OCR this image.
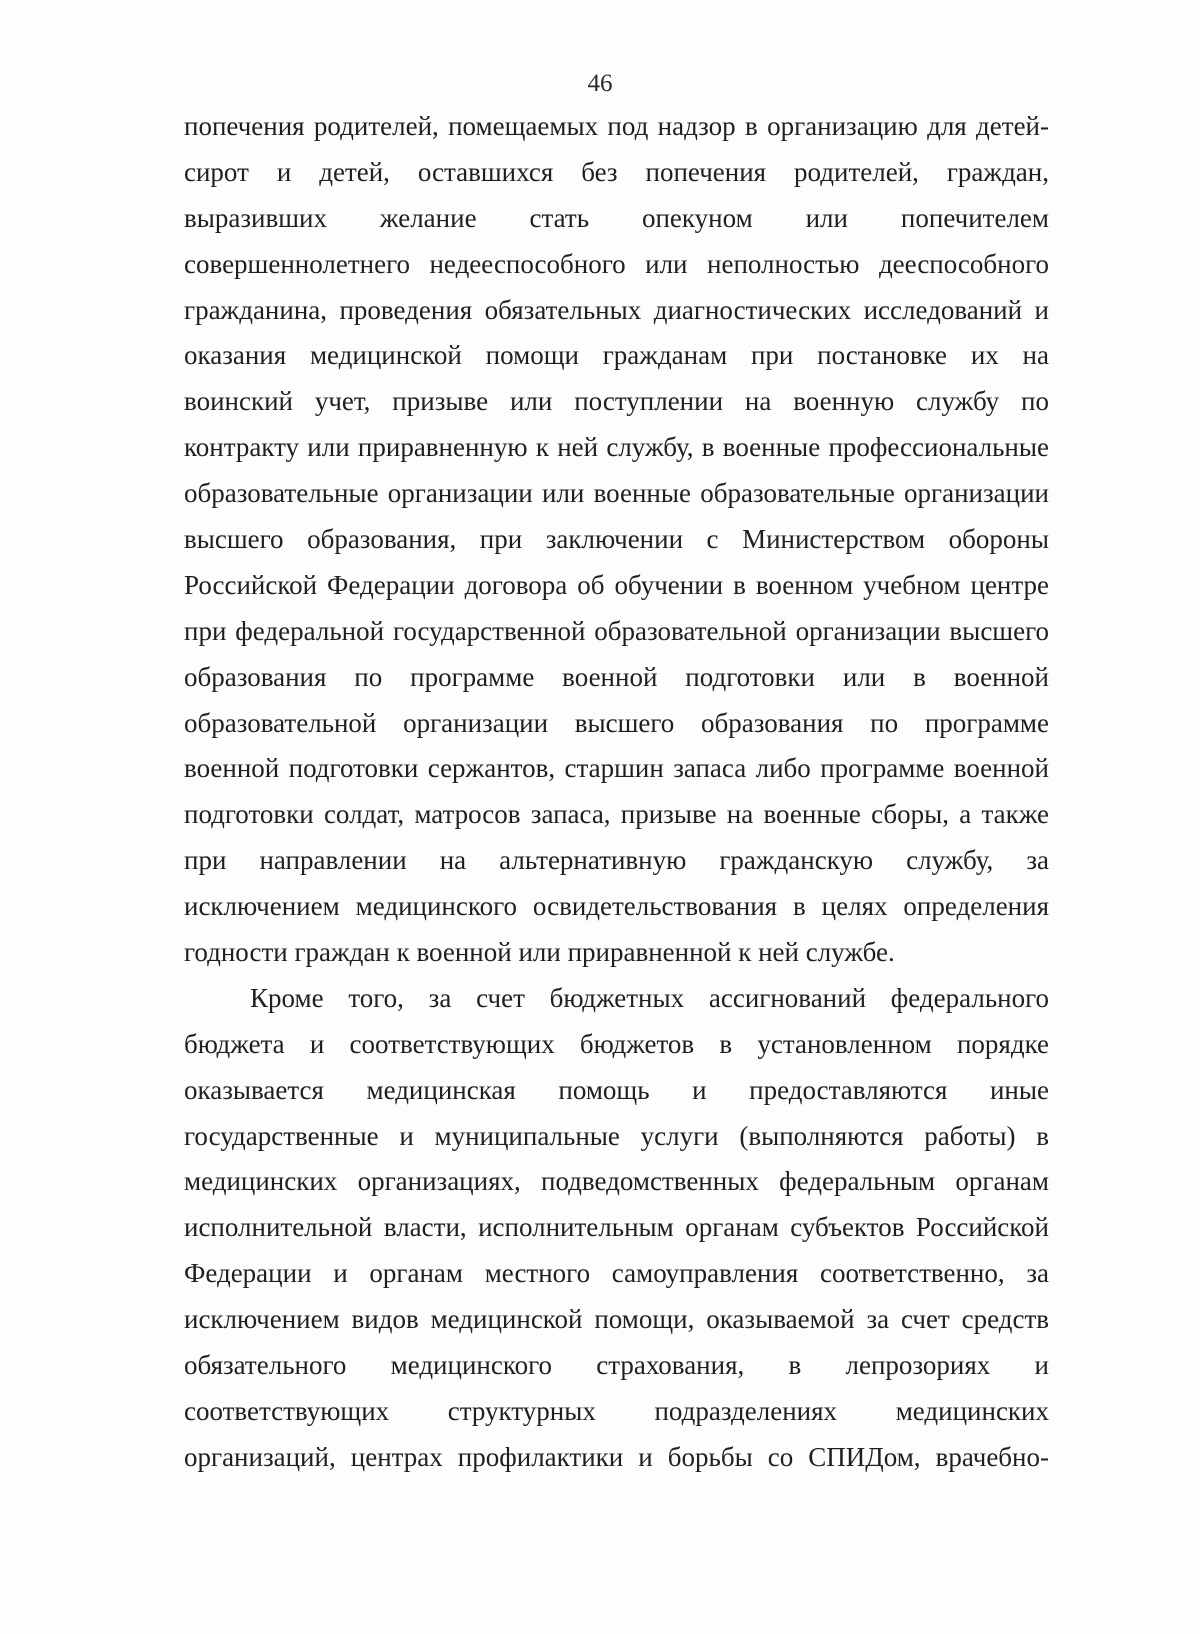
46
попечения родителей, помещаемых под надзор в организацию для детей-
сирот и детей, оставшихся без попечения родителей, граждан,
выразивших желание стать опекуном или попечителем
совершеннолетнего недееспособного или неполностью дееспособного
гражданина, проведения обязательных диагностических исследований и
оказания медицинской помощи гражданам при постановке их на
воинский учет, призыве или поступлении на военную службу по
контракту или приравненную к ней службу, в военные профессиональные
образовательные организации или военные образовательные организации
высшего образования, при заключении с Министерством обороны
Российской Федерации договора об обучении в военном учебном центре
при федеральной государственной образовательной организации высшего
образования по программе военной подготовки или в военной
образовательной организации высшего образования по программе
военной подготовки сержантов, старшин запаса либо программе военной
подготовки солдат, матросов запаса, призыве на военные сборы, а также
при направлении на альтернативную гражданскую службу, за
исключением медицинского освидетельствования в целях определения
годности граждан к военной или приравненной к ней службе.
Кроме того, за счет бюджетных ассигнований федерального
бюджета и соответствующих бюджетов в установленном порядке
оказывается медицинская помощь и предоставляются иные
государственные и муниципальные услуги (выполняются работы) в
медицинских организациях, подведомственных федеральным органам
исполнительной власти, исполнительным органам субъектов Российской
Федерации и органам местного самоуправления соответственно, за
исключением видов медицинской помощи, оказываемой за счет средств
обязательного медицинского страхования, в лепрозориях и
соответствующих структурных подразделениях медицинских
организаций, центрах профилактики и борьбы со СПИДом, врачебно-
